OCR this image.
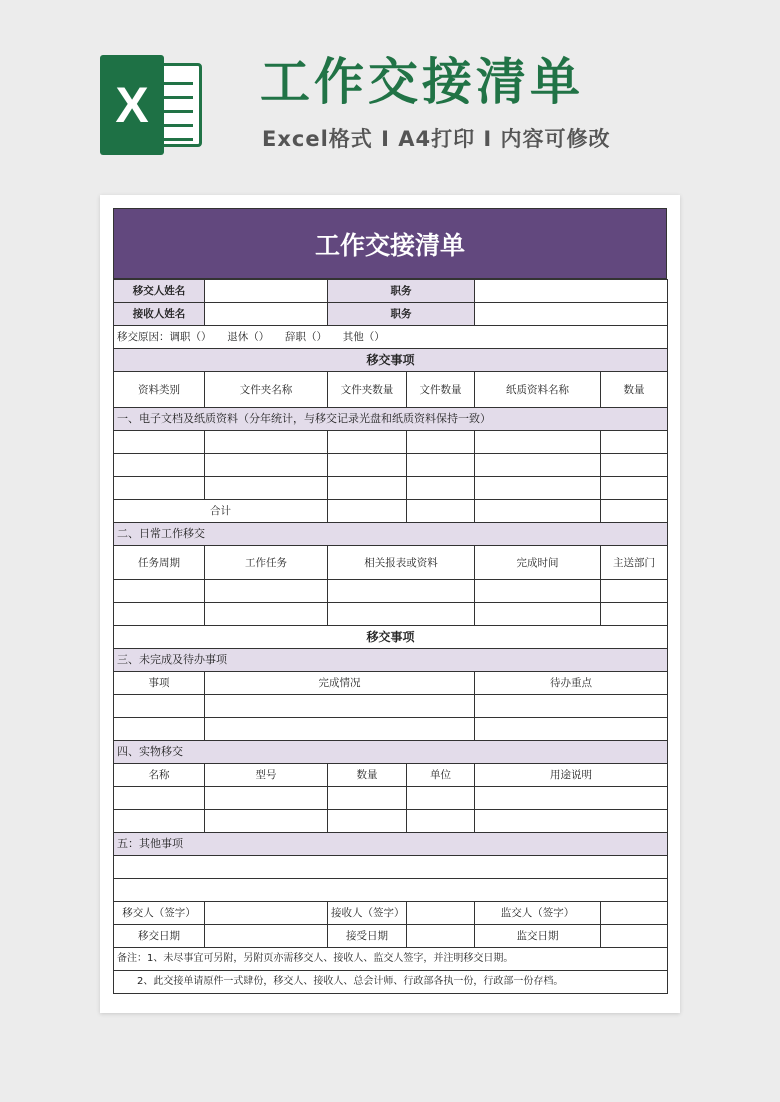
X	工作交接清单
Excel格式 I A4打印 I 内容可修改
工作交接清单
移交人姓名		职务			
接收人姓名		职务			
移交原因：调职（）　　退休（）　　辞职（）　　其他（）					
移交事项					
资料类别	文件夹名称	文件夹数量	文件数量	纸质资料名称	数量
一、电子文档及纸质资料（分年统计，与移交记录光盘和纸质资料保持一致）					

合计					
二、日常工作移交					
任务周期	工作任务	相关报表或资料		完成时间	主送部门

移交事项					
三、未完成及待办事项					
事项	完成情况			待办重点	

四、实物移交					
名称	型号	数量	单位	用途说明	

五：其他事项					

移交人（签字）		接收人（签字）		监交人（签字）	
移交日期		接受日期		监交日期	
备注：1、未尽事宜可另附，另附页亦需移交人、接收人、监交人签字，并注明移交日期。					
　　2、此交接单请原件一式肆份，移交人、接收人、总会计师、行政部各执一份，行政部一份存档。					
